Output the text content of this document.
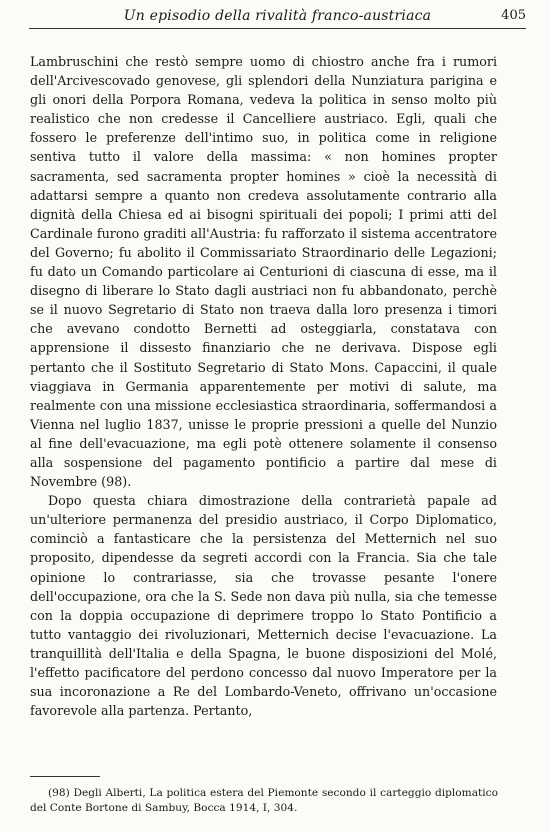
Un episodio della rivalità franco-austriaca	405

Lambruschini che restò sempre uomo di chiostro anche fra i rumori dell'Arcivescovado genovese, gli splendori della Nunziatura parigina e gli onori della Porpora Romana, vedeva la politica in senso molto più realistico che non credesse il Cancelliere austriaco. Egli, quali che fossero le preferenze dell'intimo suo, in politica come in religione sentiva tutto il valore della massima: « non homines propter sacramenta, sed sacramenta propter homines » cioè la necessità di adattarsi sempre a quanto non credeva assolutamente contrario alla dignità della Chiesa ed ai bisogni spirituali dei popoli; I primi atti del Cardinale furono graditi all'Austria: fu rafforzato il sistema accentratore del Governo; fu abolito il Commissariato Straordinario delle Legazioni; fu dato un Comando particolare ai Centurioni di ciascuna di esse, ma il disegno di liberare lo Stato dagli austriaci non fu abbandonato, perchè se il nuovo Segretario di Stato non traeva dalla loro presenza i timori che avevano condotto Bernetti ad osteggiarla, constatava con apprensione il dissesto finanziario che ne derivava. Dispose egli pertanto che il Sostituto Segretario di Stato Mons. Capaccini, il quale viaggiava in Germania apparentemente per motivi di salute, ma realmente con una missione ecclesiastica straordinaria, soffermandosi a Vienna nel luglio 1837, unisse le proprie pressioni a quelle del Nunzio al fine dell'evacuazione, ma egli potè ottenere solamente il consenso alla sospensione del pagamento pontificio a partire dal mese di Novembre (98).

Dopo questa chiara dimostrazione della contrarietà papale ad un'ulteriore permanenza del presidio austriaco, il Corpo Diplomatico, cominciò a fantasticare che la persistenza del Metternich nel suo proposito, dipendesse da segreti accordi con la Francia. Sia che tale opinione lo contrariasse, sia che trovasse pesante l'onere dell'occupazione, ora che la S. Sede non dava più nulla, sia che temesse con la doppia occupazione di deprimere troppo lo Stato Pontificio a tutto vantaggio dei rivoluzionari, Metternich decise l'evacuazione. La tranquillità dell'Italia e della Spagna, le buone disposizioni del Molé, l'effetto pacificatore del perdono concesso dal nuovo Imperatore per la sua incoronazione a Re del Lombardo-Veneto, offrivano un'occasione favorevole alla partenza. Pertanto,

(98) Degli Alberti, La politica estera del Piemonte secondo il carteggio diplomatico del Conte Bortone di Sambuy, Bocca 1914, I, 304.
